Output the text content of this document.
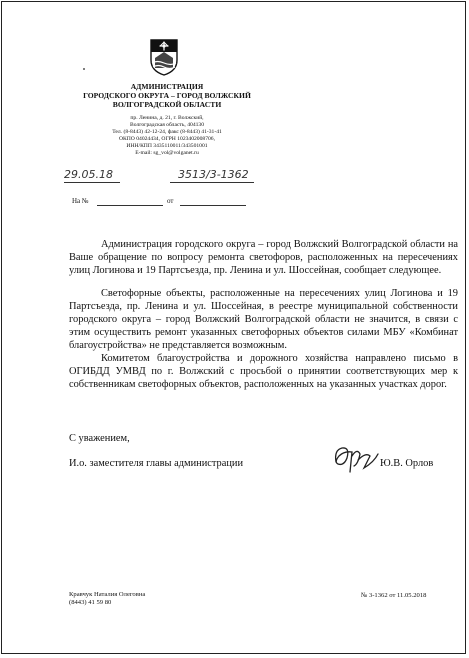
АДМИНИСТРАЦИЯ
ГОРОДСКОГО ОКРУГА – ГОРОД ВОЛЖСКИЙ
ВОЛГОГРАДСКОЙ ОБЛАСТИ
пр. Ленина, д. 21, г. Волжский,
Волгоградская область, 404130
Тел. (8-8443) 42-12-24, факс (8-8443) 41-31-41
ОКПО 04024434, ОГРН 1023402008706,
ИНН/КПП 3435110011/343501001
E-mail: sg_vol@volganet.ru
29.05.18	3513/3-1362
На №	от

Администрация городского округа – город Волжский Волгоградской области на Ваше обращение по вопросу ремонта светофоров, расположенных на пересечениях улиц Логинова и 19 Партсъезда, пр. Ленина и ул. Шоссейная, сообщает следующее.

Светофорные объекты, расположенные на пересечениях улиц Логинова и 19 Партсъезда, пр. Ленина и ул. Шоссейная, в реестре муниципальной собственности городского округа – город Волжский Волгоградской области не значится, в связи с этим осуществить ремонт указанных светофорных объектов силами МБУ «Комбинат благоустройства» не представляется возможным.

Комитетом благоустройства и дорожного хозяйства направлено письмо в ОГИБДД УМВД по г. Волжский с просьбой о принятии соответствующих мер к собственникам светофорных объектов, расположенных на указанных участках дорог.

С уважением,
И.о. заместителя главы администрации	Ю.В. Орлов
Кравчук Наталия Олеговна
(8443) 41 59 80
№ 3-1362 от 11.05.2018
